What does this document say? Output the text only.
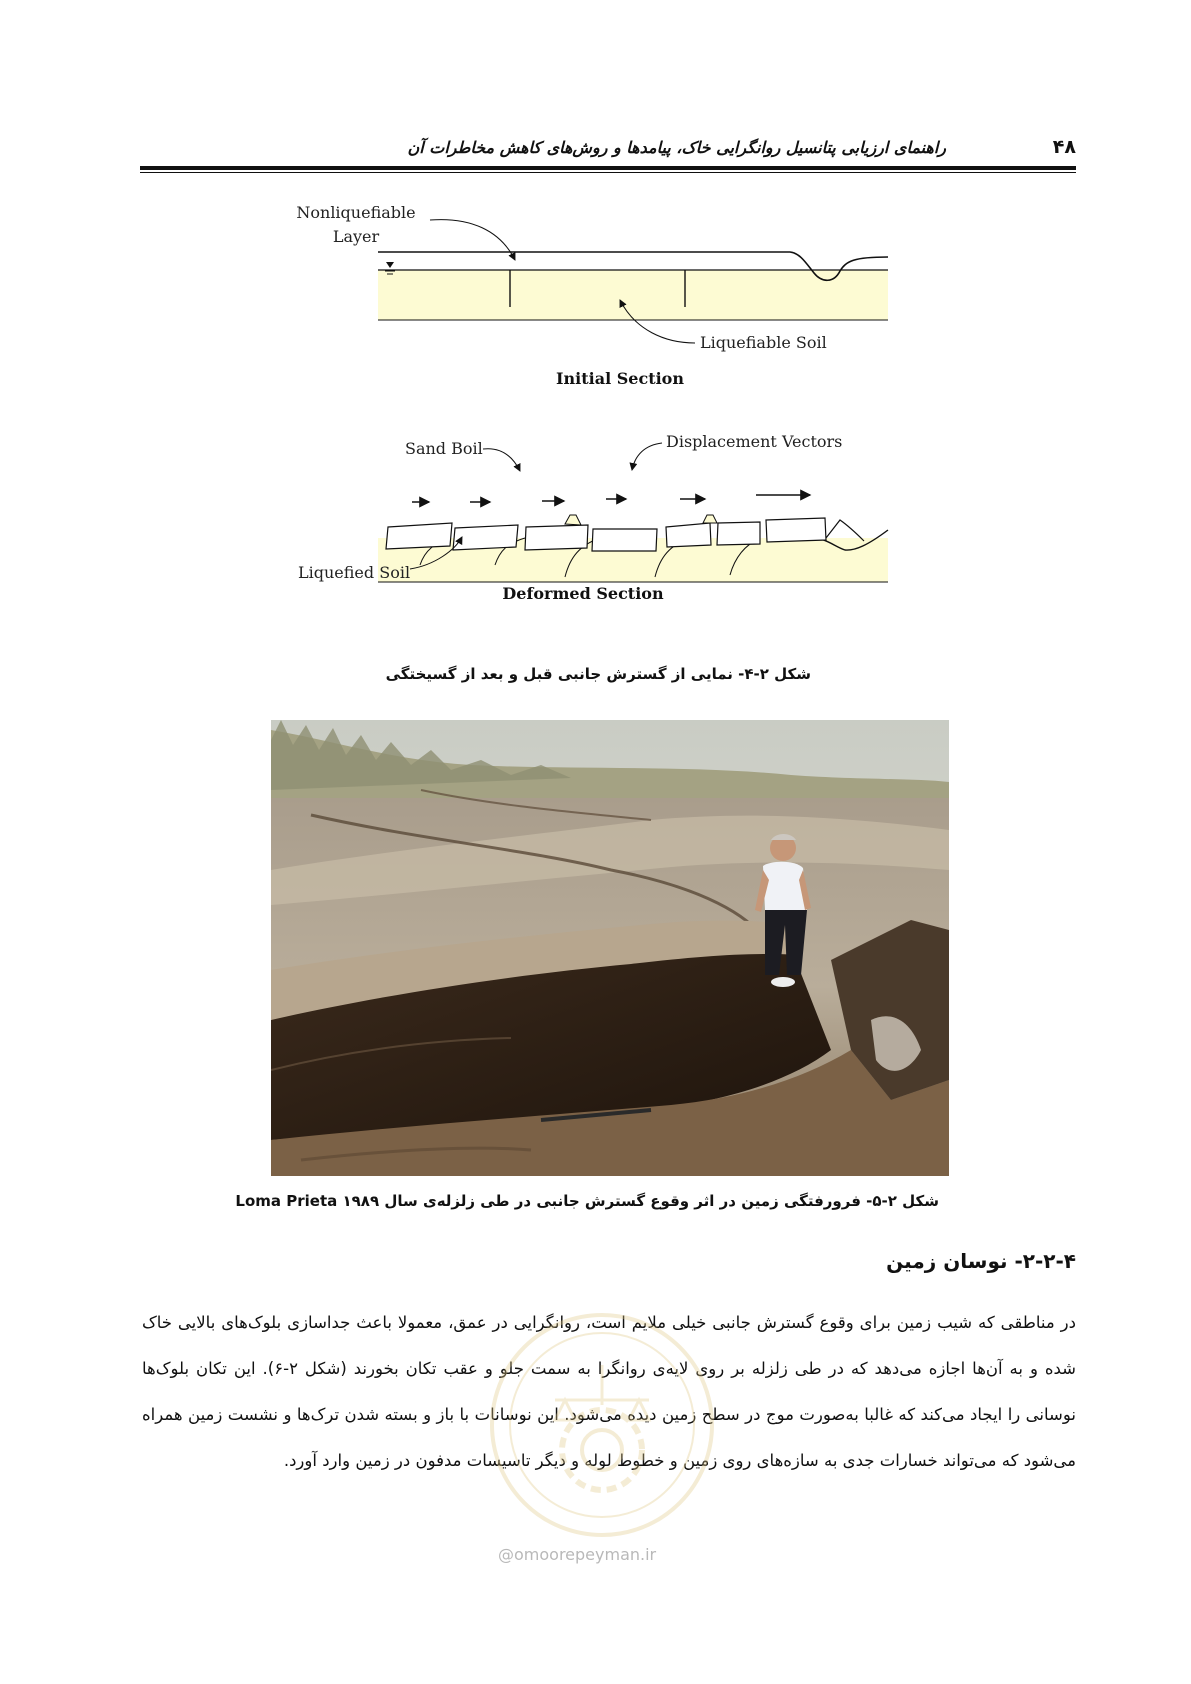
راهنمای ارزیابی پتانسیل روانگرایی خاک، پیامدها و روش‌های کاهش مخاطرات آن	۴۸
Nonliquefiable
Layer
Liquefiable Soil
Initial Section
Sand Boil	Displacement Vectors
Liquefied Soil
Deformed Section
شکل ۲-۴- نمایی از گسترش جانبی قبل و بعد از گسیختگی
شکل ۲-۵- فرورفتگی زمین در اثر وقوع گسترش جانبی در طی زلزله‌ی سال ۱۹۸۹ Loma Prieta
۲-۲-۴- نوسان زمین
در مناطقی که شیب زمین برای وقوع گسترش جانبی خیلی ملایم است، روانگرایی در عمق، معمولا باعث جداسازی بلوک‌های بالایی خاک شده و به آن‌ها اجازه می‌دهد که در طی زلزله بر روی لایه‌ی روانگرا به سمت جلو و عقب تکان بخورند (شکل ۲-۶). این تکان بلوک‌ها نوسانی را ایجاد می‌کند که غالبا به‌صورت موج در سطح زمین دیده می‌شود. این نوسانات با باز و بسته شدن ترک‌ها و نشست زمین همراه می‌شود که می‌تواند خسارات جدی به سازه‌های روی زمین و خطوط لوله و دیگر تاسیسات مدفون در زمین وارد آورد.
@omoorepeyman.ir
